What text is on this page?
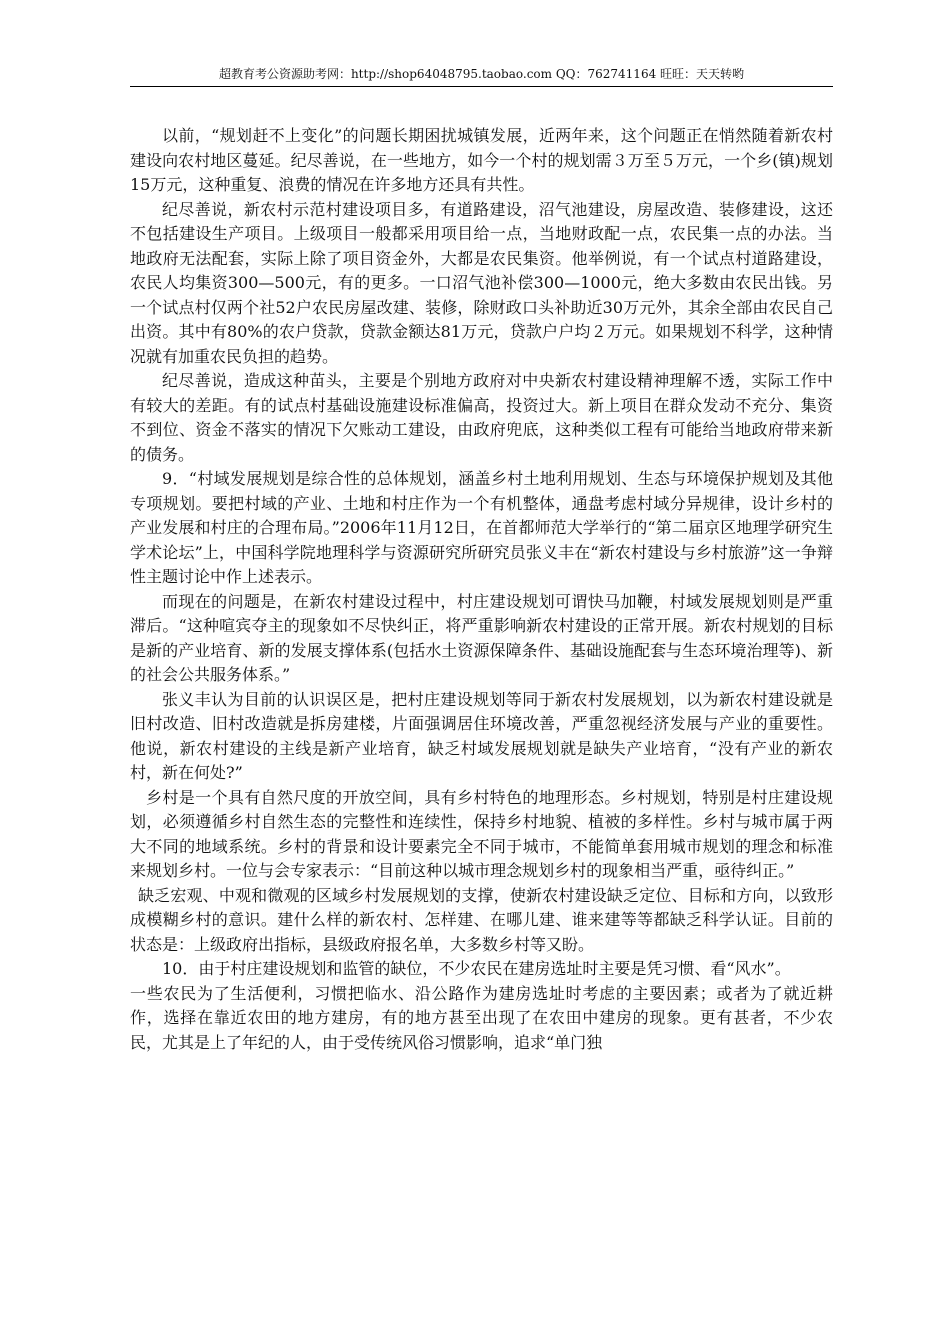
超教育考公资源助考网：http://shop64048795.taobao.com QQ：762741164 旺旺：天天转哟

以前，“规划赶不上变化”的问题长期困扰城镇发展，近两年来，这个问题正在悄然随着新农村建设向农村地区蔓延。纪尽善说，在一些地方，如今一个村的规划需３万至５万元，一个乡(镇)规划15万元，这种重复、浪费的情况在许多地方还具有共性。

纪尽善说，新农村示范村建设项目多，有道路建设，沼气池建设，房屋改造、装修建设，这还不包括建设生产项目。上级项目一般都采用项目给一点，当地财政配一点，农民集一点的办法。当地政府无法配套，实际上除了项目资金外，大都是农民集资。他举例说，有一个试点村道路建设，农民人均集资300—500元，有的更多。一口沼气池补偿300—1000元，绝大多数由农民出钱。另一个试点村仅两个社52户农民房屋改建、装修，除财政口头补助近30万元外，其余全部由农民自己出资。其中有80%的农户贷款，贷款金额达81万元，贷款户户均２万元。如果规划不科学，这种情况就有加重农民负担的趋势。

纪尽善说，造成这种苗头，主要是个别地方政府对中央新农村建设精神理解不透，实际工作中有较大的差距。有的试点村基础设施建设标准偏高，投资过大。新上项目在群众发动不充分、集资不到位、资金不落实的情况下欠账动工建设，由政府兜底，这种类似工程有可能给当地政府带来新的债务。

9．“村域发展规划是综合性的总体规划，涵盖乡村土地利用规划、生态与环境保护规划及其他专项规划。要把村域的产业、土地和村庄作为一个有机整体，通盘考虑村域分异规律，设计乡村的产业发展和村庄的合理布局。”2006年11月12日，在首都师范大学举行的“第二届京区地理学研究生学术论坛”上，中国科学院地理科学与资源研究所研究员张义丰在“新农村建设与乡村旅游”这一争辩性主题讨论中作上述表示。

而现在的问题是，在新农村建设过程中，村庄建设规划可谓快马加鞭，村域发展规划则是严重滞后。“这种喧宾夺主的现象如不尽快纠正，将严重影响新农村建设的正常开展。新农村规划的目标是新的产业培育、新的发展支撑体系(包括水土资源保障条件、基础设施配套与生态环境治理等)、新的社会公共服务体系。”

张义丰认为目前的认识误区是，把村庄建设规划等同于新农村发展规划，以为新农村建设就是旧村改造、旧村改造就是拆房建楼，片面强调居住环境改善，严重忽视经济发展与产业的重要性。他说，新农村建设的主线是新产业培育，缺乏村域发展规划就是缺失产业培育，“没有产业的新农村，新在何处?”

乡村是一个具有自然尺度的开放空间，具有乡村特色的地理形态。乡村规划，特别是村庄建设规划，必须遵循乡村自然生态的完整性和连续性，保持乡村地貌、植被的多样性。乡村与城市属于两大不同的地域系统。乡村的背景和设计要素完全不同于城市，不能简单套用城市规划的理念和标准来规划乡村。一位与会专家表示：“目前这种以城市理念规划乡村的现象相当严重，亟待纠正。”

缺乏宏观、中观和微观的区域乡村发展规划的支撑，使新农村建设缺乏定位、目标和方向，以致形成模糊乡村的意识。建什么样的新农村、怎样建、在哪儿建、谁来建等等都缺乏科学认证。目前的状态是：上级政府出指标，县级政府报名单，大多数乡村等又盼。

10．由于村庄建设规划和监管的缺位，不少农民在建房选址时主要是凭习惯、看“风水”。

一些农民为了生活便利，习惯把临水、沿公路作为建房选址时考虑的主要因素；或者为了就近耕作，选择在靠近农田的地方建房，有的地方甚至出现了在农田中建房的现象。更有甚者，不少农民，尤其是上了年纪的人，由于受传统风俗习惯影响，追求“单门独
